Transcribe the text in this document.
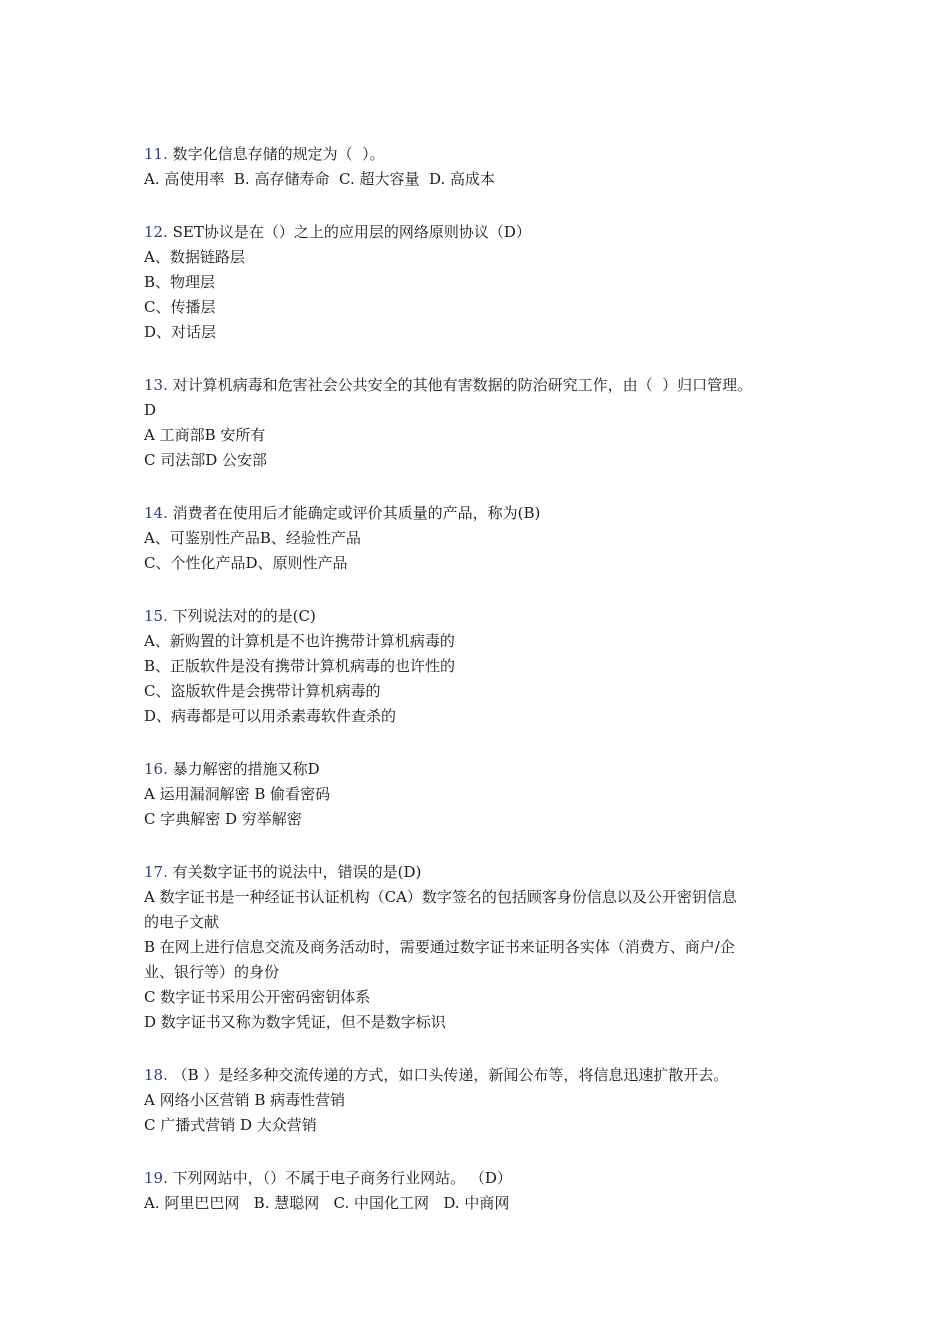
11. 数字化信息存储的规定为（  ）。
A. 高使用率  B. 高存储寿命  C. 超大容量  D. 高成本
12. SET协议是在（）之上的应用层的网络原则协议（D）
A、数据链路层
B、物理层
C、传播层
D、对话层
13. 对计算机病毒和危害社会公共安全的其他有害数据的防治研究工作，由（  ）归口管理。
D
A 工商部B 安所有
C 司法部D 公安部
14. 消费者在使用后才能确定或评价其质量的产品，称为(B)
A、可鉴别性产品B、经验性产品
C、个性化产品D、原则性产品
15. 下列说法对的的是(C)
A、新购置的计算机是不也许携带计算机病毒的
B、正版软件是没有携带计算机病毒的也许性的
C、盗版软件是会携带计算机病毒的
D、病毒都是可以用杀素毒软件查杀的
16. 暴力解密的措施又称D
A 运用漏洞解密 B 偷看密码
C 字典解密 D 穷举解密
17. 有关数字证书的说法中，错误的是(D)
A 数字证书是一种经证书认证机构（CA）数字签名的包括顾客身份信息以及公开密钥信息
的电子文献
B 在网上进行信息交流及商务活动时，需要通过数字证书来证明各实体（消费方、商户/企
业、银行等）的身份
C 数字证书采用公开密码密钥体系
D 数字证书又称为数字凭证，但不是数字标识
18. （B ）是经多种交流传递的方式，如口头传递，新闻公布等，将信息迅速扩散开去。
A 网络小区营销 B 病毒性营销
C 广播式营销 D 大众营销
19. 下列网站中，（）不属于电子商务行业网站。 （D）
A. 阿里巴巴网   B. 慧聪网   C. 中国化工网   D. 中商网
